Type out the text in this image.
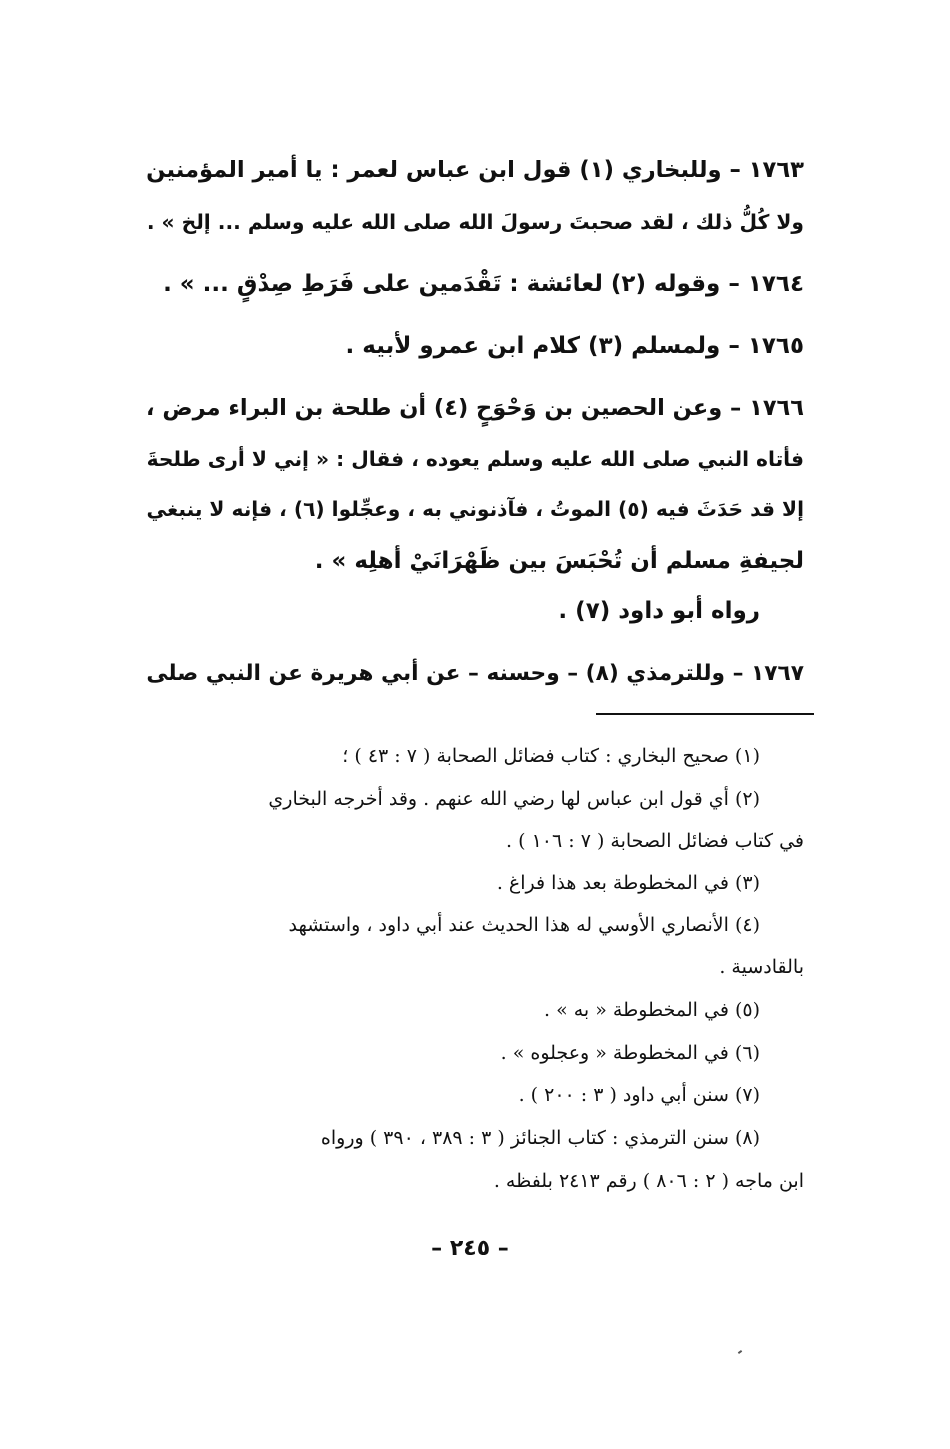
١٧٦٣ – وللبخاري (١) قول ابن عباس لعمر : يا أمير المؤمنين

ولا كُلُّ ذلك ، لقد صحبتَ رسولَ الله صلى الله عليه وسلم ... إلخ » .

١٧٦٤ – وقوله (٢) لعائشة : تَقْدَمين على فَرَطِ صِدْقٍ ... » .

١٧٦٥ – ولمسلم (٣) كلام ابن عمرو لأبيه .

١٧٦٦ – وعن الحصين بن وَحْوَحٍ (٤) أن طلحة بن البراء مرض ،

فأتاه النبي صلى الله عليه وسلم يعوده ، فقال : « إني لا أرى طلحةَ

إلا قد حَدَثَ فيه (٥) الموتُ ، فآذنوني به ، وعجِّلوا (٦) ، فإنه لا ينبغي

لجيفةِ مسلم أن تُحْبَسَ بين ظَهْرَانَيْ أهلِه » .

رواه أبو داود (٧) .

١٧٦٧ – وللترمذي (٨) – وحسنه – عن أبي هريرة عن النبي صلى

(١) صحيح البخاري : كتاب فضائل الصحابة ( ٧ : ٤٣ ) ؛

(٢) أي قول ابن عباس لها رضي الله عنهم . وقد أخرجه البخاري

في كتاب فضائل الصحابة ( ٧ : ١٠٦ ) .

(٣) في المخطوطة بعد هذا فراغ .

(٤) الأنصاري الأوسي له هذا الحديث عند أبي داود ، واستشهد

بالقادسية .

(٥) في المخطوطة « به » .

(٦) في المخطوطة « وعجلوه » .

(٧) سنن أبي داود ( ٣ : ٢٠٠ ) .

(٨) سنن الترمذي : كتاب الجنائز ( ٣ : ٣٨٩ ، ٣٩٠ ) ورواه

ابن ماجه ( ٢ : ٨٠٦ ) رقم ٢٤١٣ بلفظه .

– ٢٤٥ –
